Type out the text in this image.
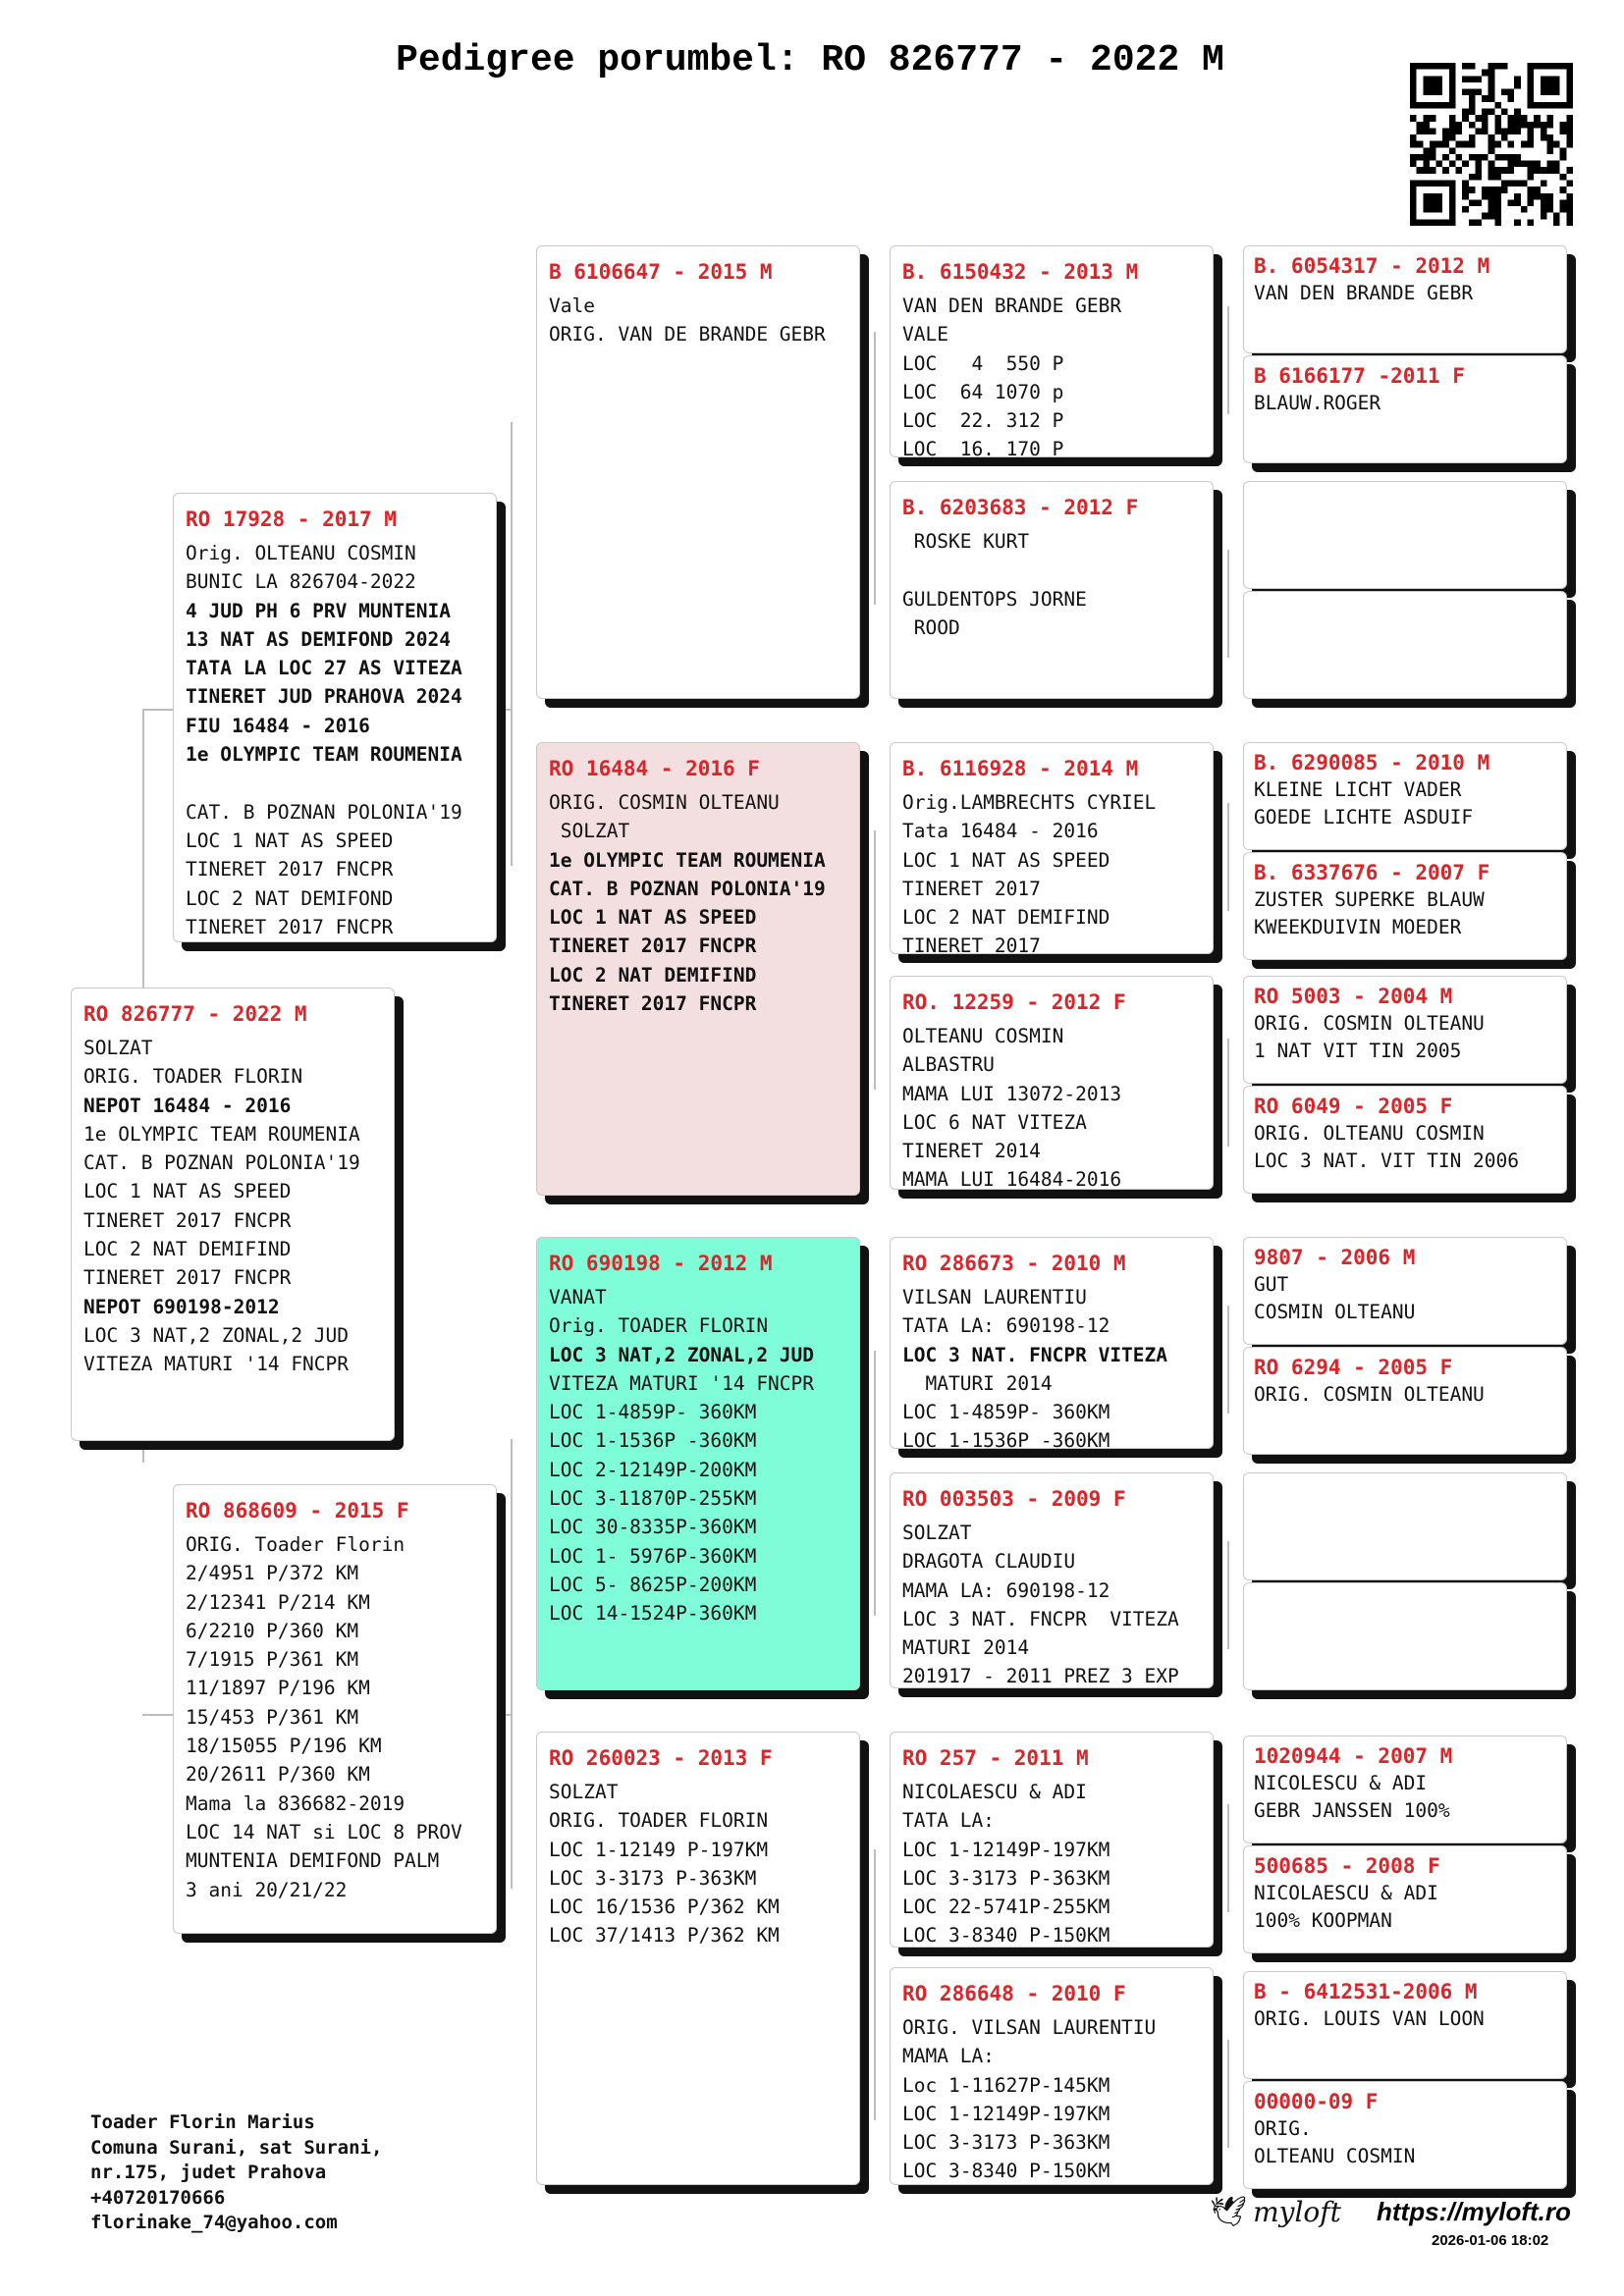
Pedigree porumbel: RO 826777 - 2022 M
RO 826777 - 2022 M
SOLZAT
ORIG. TOADER FLORIN
NEPOT 16484 - 2016
1e OLYMPIC TEAM ROUMENIA
CAT. B POZNAN POLONIA'19
LOC 1 NAT AS SPEED
TINERET 2017 FNCPR
LOC 2 NAT DEMIFIND
TINERET 2017 FNCPR
NEPOT 690198-2012
LOC 3 NAT,2 ZONAL,2 JUD
VITEZA MATURI '14 FNCPR
RO 17928 - 2017 M
Orig. OLTEANU COSMIN
BUNIC LA 826704-2022
4 JUD PH 6 PRV MUNTENIA
13 NAT AS DEMIFOND 2024
TATA LA LOC 27 AS VITEZA
TINERET JUD PRAHOVA 2024
FIU 16484 - 2016
1e OLYMPIC TEAM ROUMENIA
CAT. B POZNAN POLONIA'19
LOC 1 NAT AS SPEED
TINERET 2017 FNCPR
LOC 2 NAT DEMIFOND
TINERET 2017 FNCPR
RO 868609 - 2015 F
ORIG. Toader Florin
2/4951 P/372 KM
2/12341 P/214 KM
6/2210 P/360 KM
7/1915 P/361 KM
11/1897 P/196 KM
15/453 P/361 KM
18/15055 P/196 KM
20/2611 P/360 KM
Mama la 836682-2019
LOC 14 NAT si LOC 8 PROV
MUNTENIA DEMIFOND PALM
3 ani 20/21/22
B 6106647 - 2015 M
Vale
ORIG. VAN DE BRANDE GEBR
RO 16484 - 2016 F
ORIG. COSMIN OLTEANU
SOLZAT
1e OLYMPIC TEAM ROUMENIA
CAT. B POZNAN POLONIA'19
LOC 1 NAT AS SPEED
TINERET 2017 FNCPR
LOC 2 NAT DEMIFIND
TINERET 2017 FNCPR
RO 690198 - 2012 M
VANAT
Orig. TOADER FLORIN
LOC 3 NAT,2 ZONAL,2 JUD
VITEZA MATURI '14 FNCPR
LOC 1-4859P- 360KM
LOC 1-1536P -360KM
LOC 2-12149P-200KM
LOC 3-11870P-255KM
LOC 30-8335P-360KM
LOC 1- 5976P-360KM
LOC 5- 8625P-200KM
LOC 14-1524P-360KM
RO 260023 - 2013 F
SOLZAT
ORIG. TOADER FLORIN
LOC 1-12149 P-197KM
LOC 3-3173 P-363KM
LOC 16/1536 P/362 KM
LOC 37/1413 P/362 KM
B. 6150432 - 2013 M
VAN DEN BRANDE GEBR
VALE
LOC   4  550 P
LOC  64 1070 p
LOC  22. 312 P
LOC  16. 170 P
B. 6203683 - 2012 F
ROSKE KURT
GULDENTOPS JORNE
ROOD
B. 6116928 - 2014 M
Orig.LAMBRECHTS CYRIEL
Tata 16484 - 2016
LOC 1 NAT AS SPEED
TINERET 2017
LOC 2 NAT DEMIFIND
TINERET 2017
RO. 12259 - 2012 F
OLTEANU COSMIN
ALBASTRU
MAMA LUI 13072-2013
LOC 6 NAT VITEZA
TINERET 2014
MAMA LUI 16484-2016
RO 286673 - 2010 M
VILSAN LAURENTIU
TATA LA: 690198-12
LOC 3 NAT. FNCPR VITEZA
MATURI 2014
LOC 1-4859P- 360KM
LOC 1-1536P -360KM
RO 003503 - 2009 F
SOLZAT
DRAGOTA CLAUDIU
MAMA LA: 690198-12
LOC 3 NAT. FNCPR  VITEZA
MATURI 2014
201917 - 2011 PREZ 3 EXP
RO 257 - 2011 M
NICOLAESCU & ADI
TATA LA:
LOC 1-12149P-197KM
LOC 3-3173 P-363KM
LOC 22-5741P-255KM
LOC 3-8340 P-150KM
RO 286648 - 2010 F
ORIG. VILSAN LAURENTIU
MAMA LA:
Loc 1-11627P-145KM
LOC 1-12149P-197KM
LOC 3-3173 P-363KM
LOC 3-8340 P-150KM
B. 6054317 - 2012 M
VAN DEN BRANDE GEBR
B 6166177 -2011 F
BLAUW.ROGER
B. 6290085 - 2010 M
KLEINE LICHT VADER
GOEDE LICHTE ASDUIF
B. 6337676 - 2007 F
ZUSTER SUPERKE BLAUW
KWEEKDUIVIN MOEDER
RO 5003 - 2004 M
ORIG. COSMIN OLTEANU
1 NAT VIT TIN 2005
RO 6049 - 2005 F
ORIG. OLTEANU COSMIN
LOC 3 NAT. VIT TIN 2006
9807 - 2006 M
GUT
COSMIN OLTEANU
RO 6294 - 2005 F
ORIG. COSMIN OLTEANU
1020944 - 2007 M
NICOLESCU & ADI
GEBR JANSSEN 100%
500685 - 2008 F
NICOLAESCU & ADI
100% KOOPMAN
B - 6412531-2006 M
ORIG. LOUIS VAN LOON
00000-09 F
ORIG.
OLTEANU COSMIN
Toader Florin Marius
Comuna Surani, sat Surani,
nr.175, judet Prahova
+40720170666
florinake_74@yahoo.com	🕊 myloft https://myloft.ro
2026-01-06 18:02
